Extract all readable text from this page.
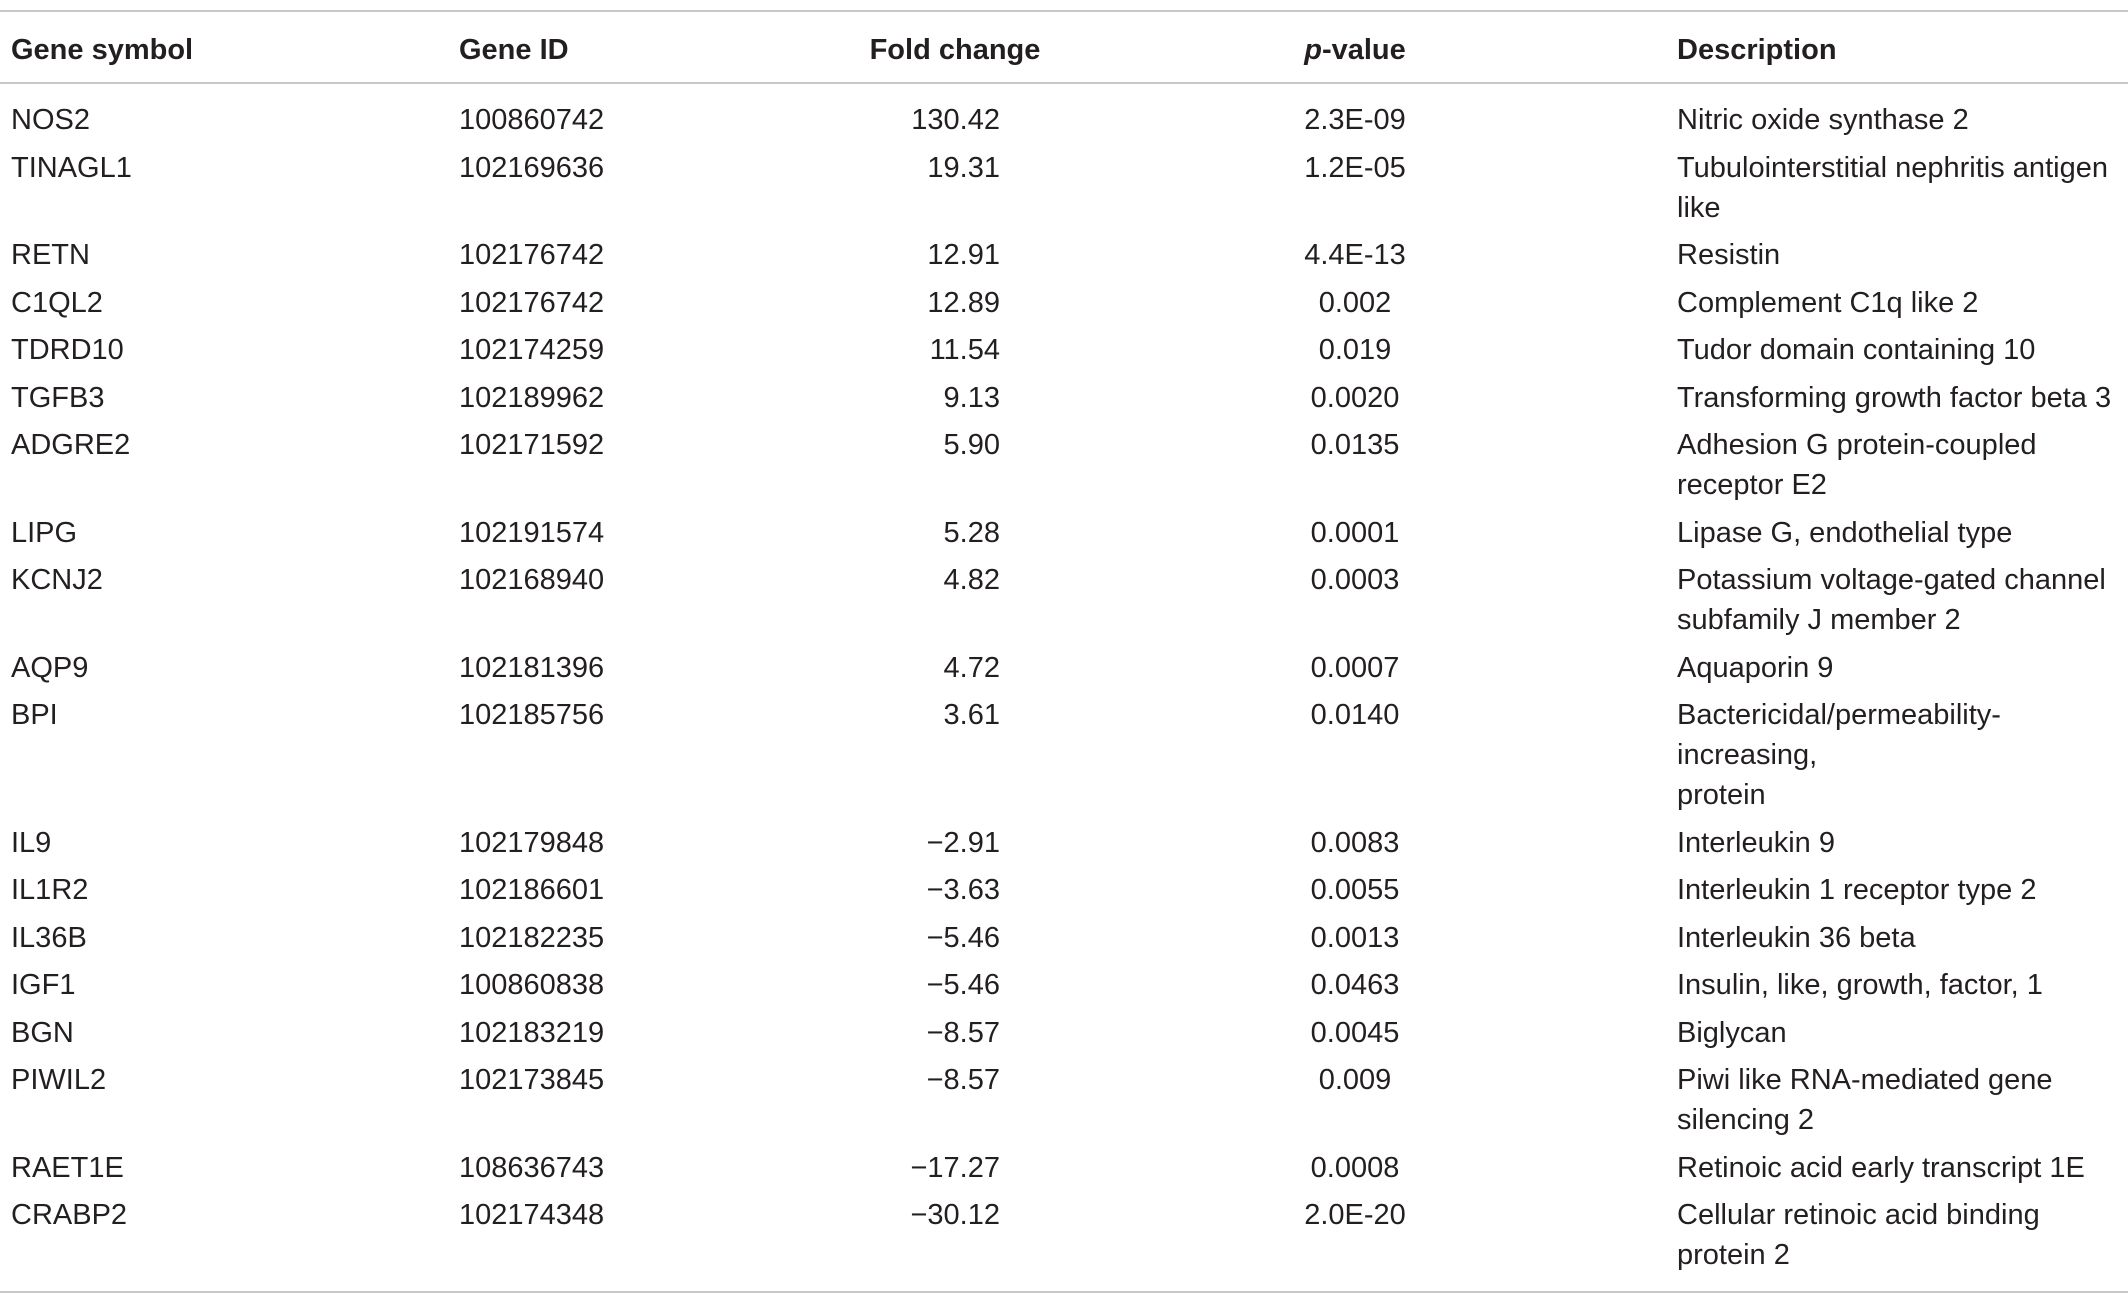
Gene symbol	Gene ID	Fold change	p-value	Description
NOS2	100860742	130.42	2.3E-09	Nitric oxide synthase 2
TINAGL1	102169636	19.31	1.2E-05	Tubulointerstitial nephritis antigen
like
RETN	102176742	12.91	4.4E-13	Resistin
C1QL2	102176742	12.89	0.002	Complement C1q like 2
TDRD10	102174259	11.54	0.019	Tudor domain containing 10
TGFB3	102189962	9.13	0.0020	Transforming growth factor beta 3
ADGRE2	102171592	5.90	0.0135	Adhesion G protein-coupled
receptor E2
LIPG	102191574	5.28	0.0001	Lipase G, endothelial type
KCNJ2	102168940	4.82	0.0003	Potassium voltage-gated channel
subfamily J member 2
AQP9	102181396	4.72	0.0007	Aquaporin 9
BPI	102185756	3.61	0.0140	Bactericidal/permeability-
increasing,
protein
IL9	102179848	−2.91	0.0083	Interleukin 9
IL1R2	102186601	−3.63	0.0055	Interleukin 1 receptor type 2
IL36B	102182235	−5.46	0.0013	Interleukin 36 beta
IGF1	100860838	−5.46	0.0463	Insulin, like, growth, factor, 1
BGN	102183219	−8.57	0.0045	Biglycan
PIWIL2	102173845	−8.57	0.009	Piwi like RNA-mediated gene
silencing 2
RAET1E	108636743	−17.27	0.0008	Retinoic acid early transcript 1E
CRABP2	102174348	−30.12	2.0E-20	Cellular retinoic acid binding
protein 2
